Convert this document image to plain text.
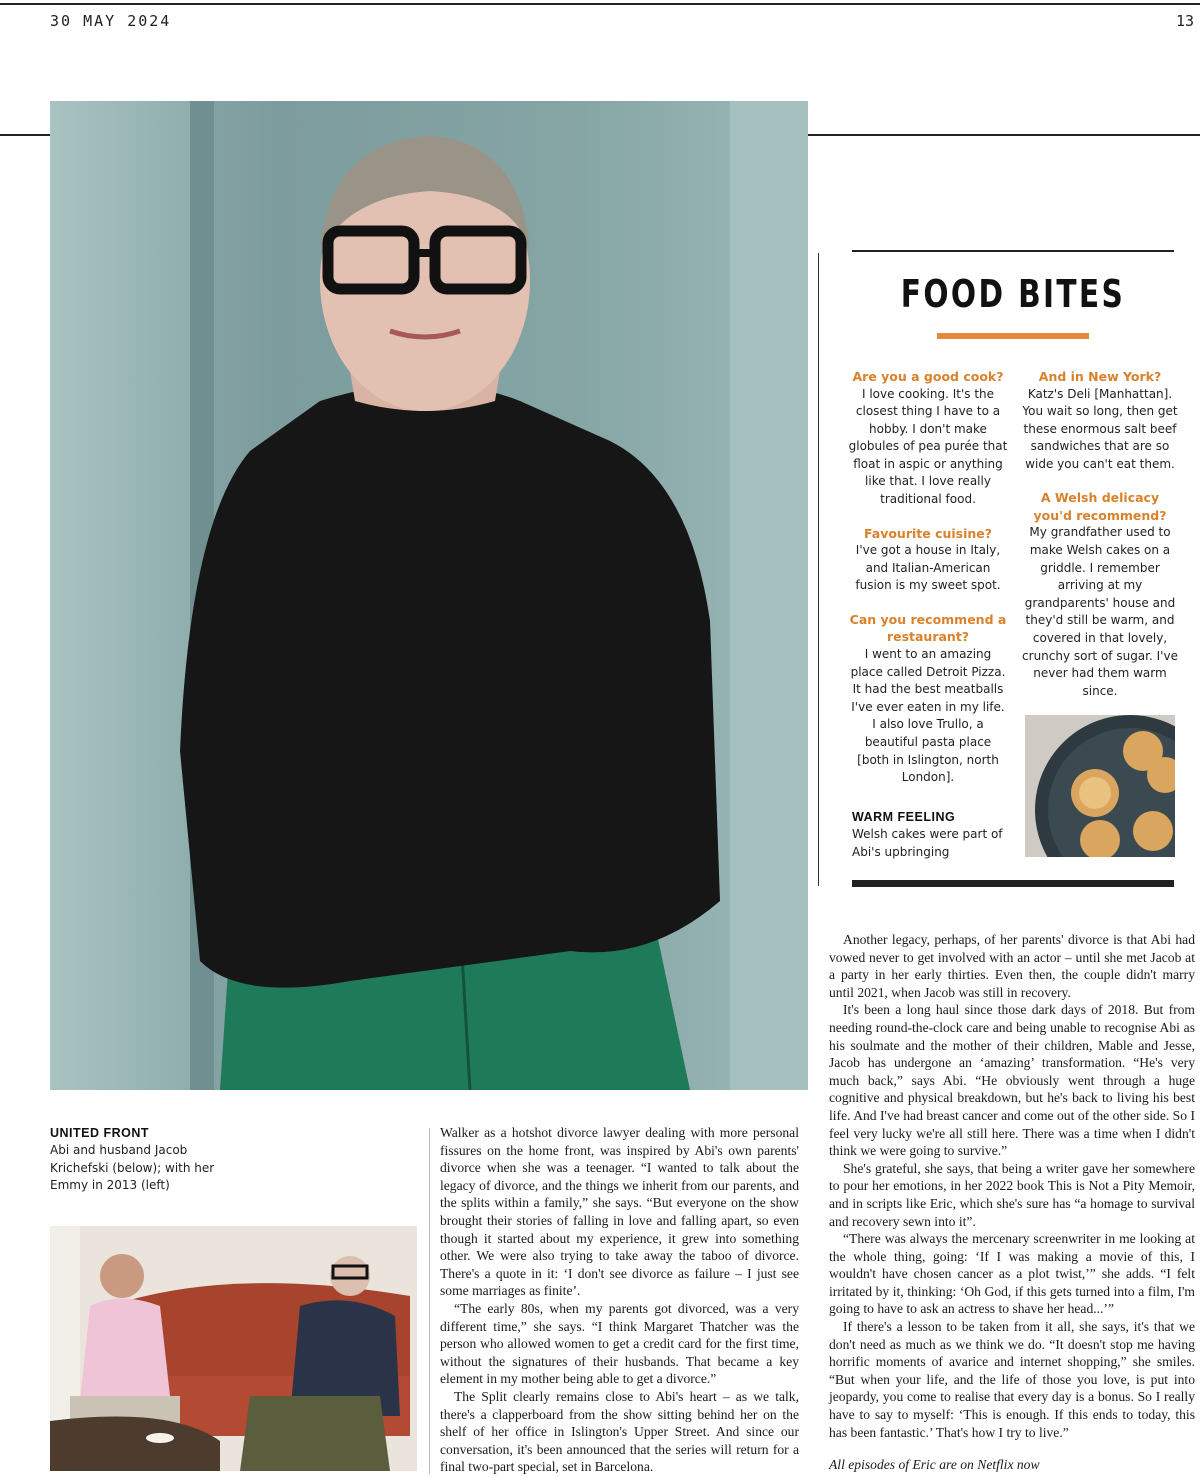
30 MAY 2024	13
FOOD BITES
Are you a good cook?
I love cooking. It's the closest thing I have to a hobby. I don't make globules of pea purée that float in aspic or anything like that. I love really traditional food.
Favourite cuisine?
I've got a house in Italy, and Italian-American fusion is my sweet spot.
Can you recommend a restaurant?
I went to an amazing place called Detroit Pizza. It had the best meatballs I've ever eaten in my life. I also love Trullo, a beautiful pasta place [both in Islington, north London].
And in New York?
Katz's Deli [Manhattan]. You wait so long, then get these enormous salt beef sandwiches that are so wide you can't eat them.
A Welsh delicacy you'd recommend?
My grandfather used to make Welsh cakes on a griddle. I remember arriving at my grandparents' house and they'd still be warm, and covered in that lovely, crunchy sort of sugar. I've never had them warm since.
WARM FEELING
Welsh cakes were part of Abi's upbringing
UNITED FRONT
Abi and husband Jacob Krichefski (below); with her Emmy in 2013 (left)

Walker as a hotshot divorce lawyer dealing with more personal fissures on the home front, was inspired by Abi's own parents' divorce when she was a teenager. “I wanted to talk about the legacy of divorce, and the things we inherit from our parents, and the splits within a family,” she says. “But everyone on the show brought their stories of falling in love and falling apart, so even though it started about my experience, it grew into something other. We were also trying to take away the taboo of divorce. There's a quote in it: ‘I don't see divorce as failure – I just see some marriages as finite’.

“The early 80s, when my parents got divorced, was a very different time,” she says. “I think Margaret Thatcher was the person who allowed women to get a credit card for the first time, without the signatures of their husbands. That became a key element in my mother being able to get a divorce.”

The Split clearly remains close to Abi's heart – as we talk, there's a clapperboard from the show sitting behind her on the shelf of her office in Islington's Upper Street. And since our conversation, it's been announced that the series will return for a final two-part special, set in Barcelona.

Another legacy, perhaps, of her parents' divorce is that Abi had vowed never to get involved with an actor – until she met Jacob at a party in her early thirties. Even then, the couple didn't marry until 2021, when Jacob was still in recovery.

It's been a long haul since those dark days of 2018. But from needing round-the-clock care and being unable to recognise Abi as his soulmate and the mother of their children, Mable and Jesse, Jacob has undergone an ‘amazing’ transformation. “He's very much back,” says Abi. “He obviously went through a huge cognitive and physical breakdown, but he's back to living his best life. And I've had breast cancer and come out of the other side. So I feel very lucky we're all still here. There was a time when I didn't think we were going to survive.”

She's grateful, she says, that being a writer gave her somewhere to pour her emotions, in her 2022 book This is Not a Pity Memoir, and in scripts like Eric, which she's sure has “a homage to survival and recovery sewn into it”.

“There was always the mercenary screenwriter in me looking at the whole thing, going: ‘If I was making a movie of this, I wouldn't have chosen cancer as a plot twist,’” she adds. “I felt irritated by it, thinking: ‘Oh God, if this gets turned into a film, I'm going to have to ask an actress to shave her head...’”

If there's a lesson to be taken from it all, she says, it's that we don't need as much as we think we do. “It doesn't stop me having horrific moments of avarice and internet shopping,” she smiles. “But when your life, and the life of those you love, is put into jeopardy, you come to realise that every day is a bonus. So I really have to say to myself: ‘This is enough. If this ends to today, this has been fantastic.’ That's how I try to live.”

All episodes of Eric are on Netflix now
